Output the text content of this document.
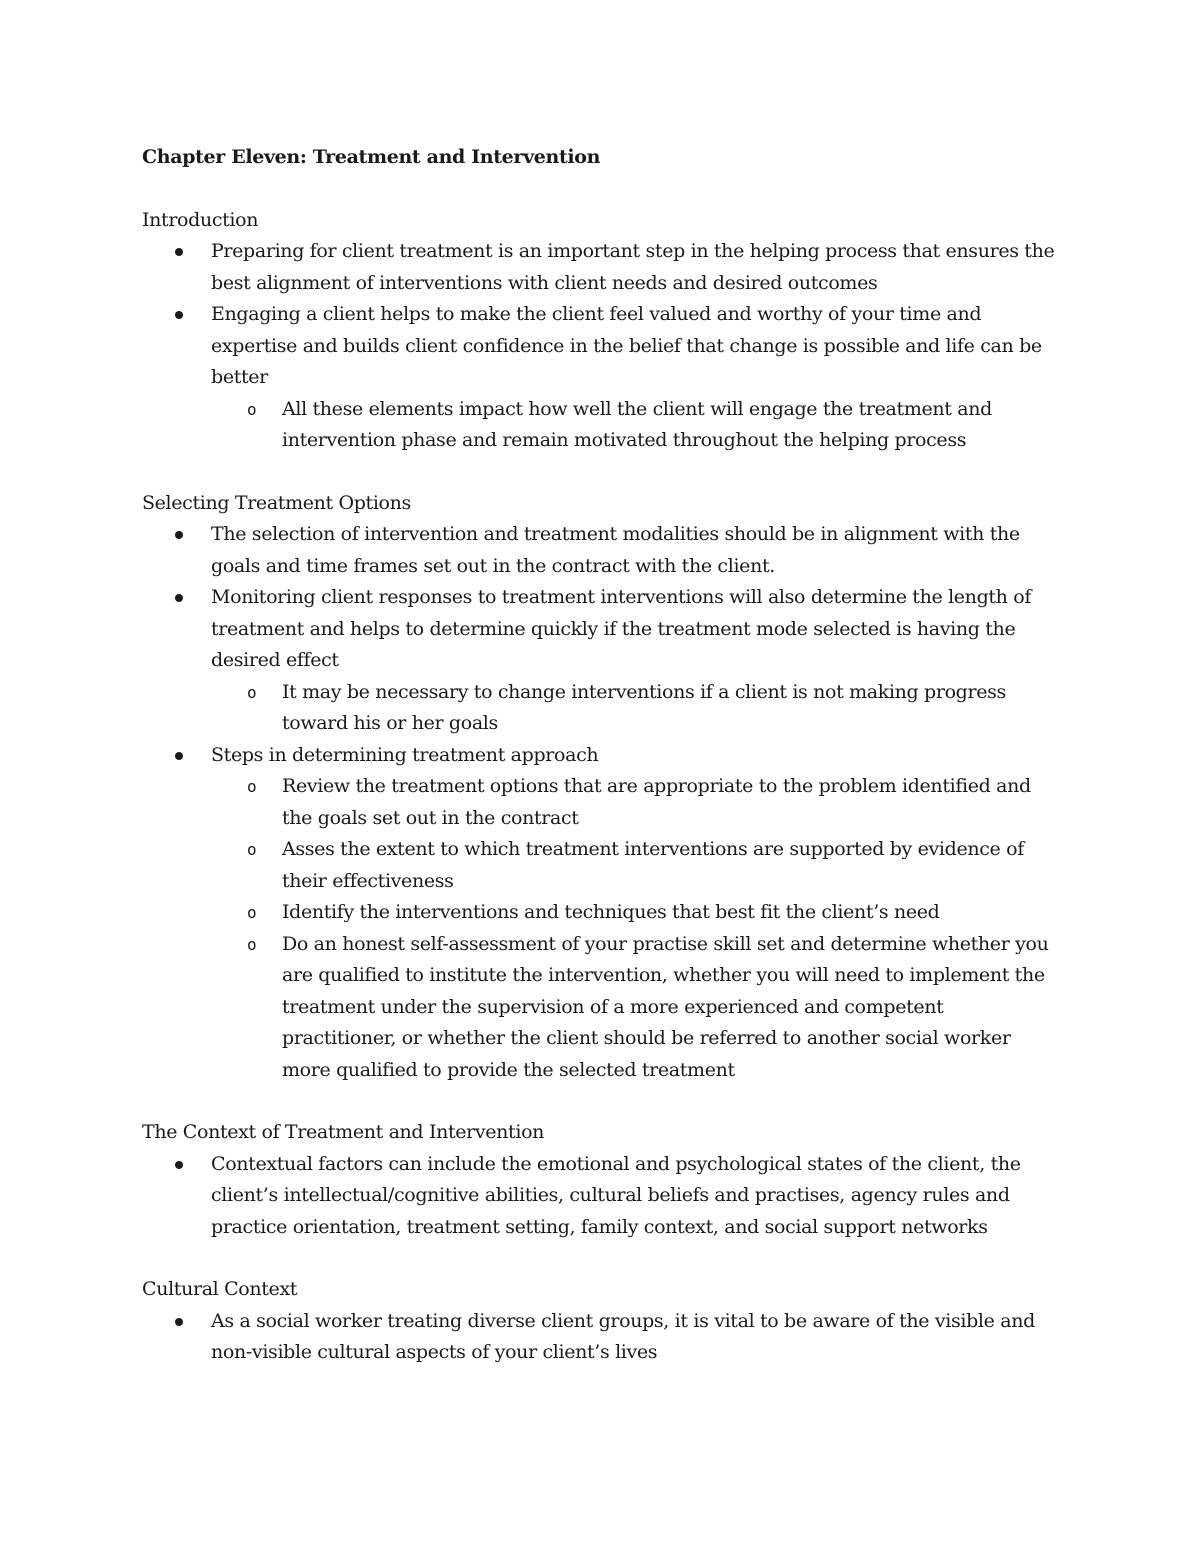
Chapter Eleven: Treatment and Intervention
Introduction
Preparing for client treatment is an important step in the helping process that ensures the best alignment of interventions with client needs and desired outcomes
Engaging a client helps to make the client feel valued and worthy of your time and expertise and builds client confidence in the belief that change is possible and life can be better
o All these elements impact how well the client will engage the treatment and intervention phase and remain motivated throughout the helping process
Selecting Treatment Options
The selection of intervention and treatment modalities should be in alignment with the goals and time frames set out in the contract with the client.
Monitoring client responses to treatment interventions will also determine the length of treatment and helps to determine quickly if the treatment mode selected is having the desired effect
o It may be necessary to change interventions if a client is not making progress toward his or her goals
Steps in determining treatment approach
o Review the treatment options that are appropriate to the problem identified and the goals set out in the contract
o Asses the extent to which treatment interventions are supported by evidence of their effectiveness
o Identify the interventions and techniques that best fit the client’s need
o Do an honest self-assessment of your practise skill set and determine whether you are qualified to institute the intervention, whether you will need to implement the treatment under the supervision of a more experienced and competent practitioner, or whether the client should be referred to another social worker more qualified to provide the selected treatment
The Context of Treatment and Intervention
Contextual factors can include the emotional and psychological states of the client, the client’s intellectual/cognitive abilities, cultural beliefs and practises, agency rules and practice orientation, treatment setting, family context, and social support networks
Cultural Context
As a social worker treating diverse client groups, it is vital to be aware of the visible and non-visible cultural aspects of your client’s lives
